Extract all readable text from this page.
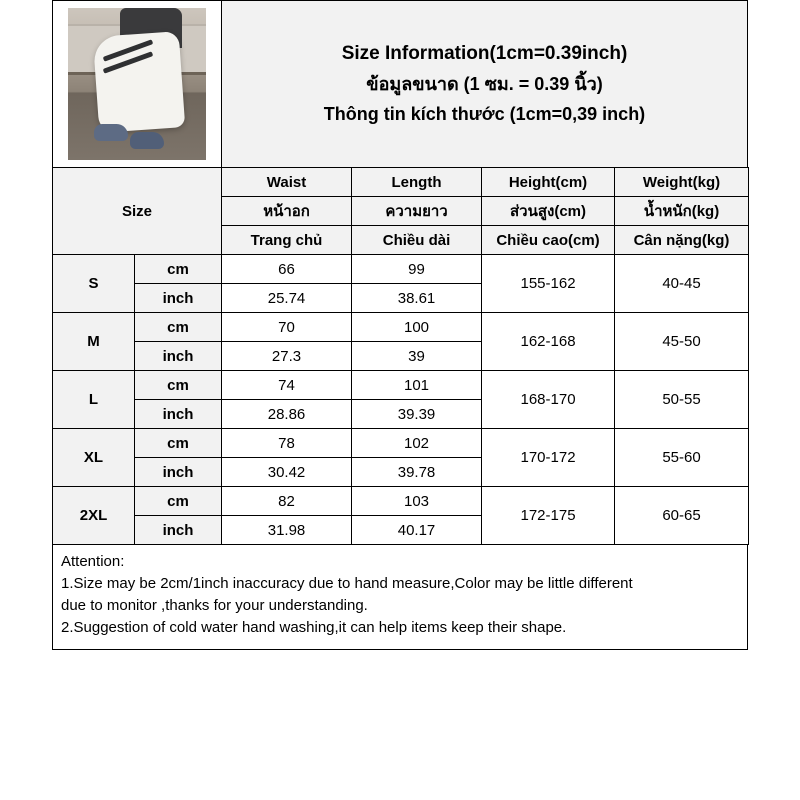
Size Information(1cm=0.39inch)
ข้อมูลขนาด (1 ซม. = 0.39 นิ้ว)
Thông tin kích thước (1cm=0,39 inch)
Size		Waist	Length	Height(cm)	Weight(kg)
		หน้าอก	ความยาว	ส่วนสูง(cm)	น้ำหนัก(kg)
		Trang chủ	Chiều dài	Chiều cao(cm)	Cân nặng(kg)
S	cm	66	99	155-162	40-45
	inch	25.74	38.61		
M	cm	70	100	162-168	45-50
	inch	27.3	39		
L	cm	74	101	168-170	50-55
	inch	28.86	39.39		
XL	cm	78	102	170-172	55-60
	inch	30.42	39.78		
2XL	cm	82	103	172-175	60-65
	inch	31.98	40.17		
Attention:
1.Size may be 2cm/1inch inaccuracy due to hand measure,Color may be little different
due to monitor ,thanks for your understanding.
2.Suggestion of cold water hand washing,it can help items keep their shape.
